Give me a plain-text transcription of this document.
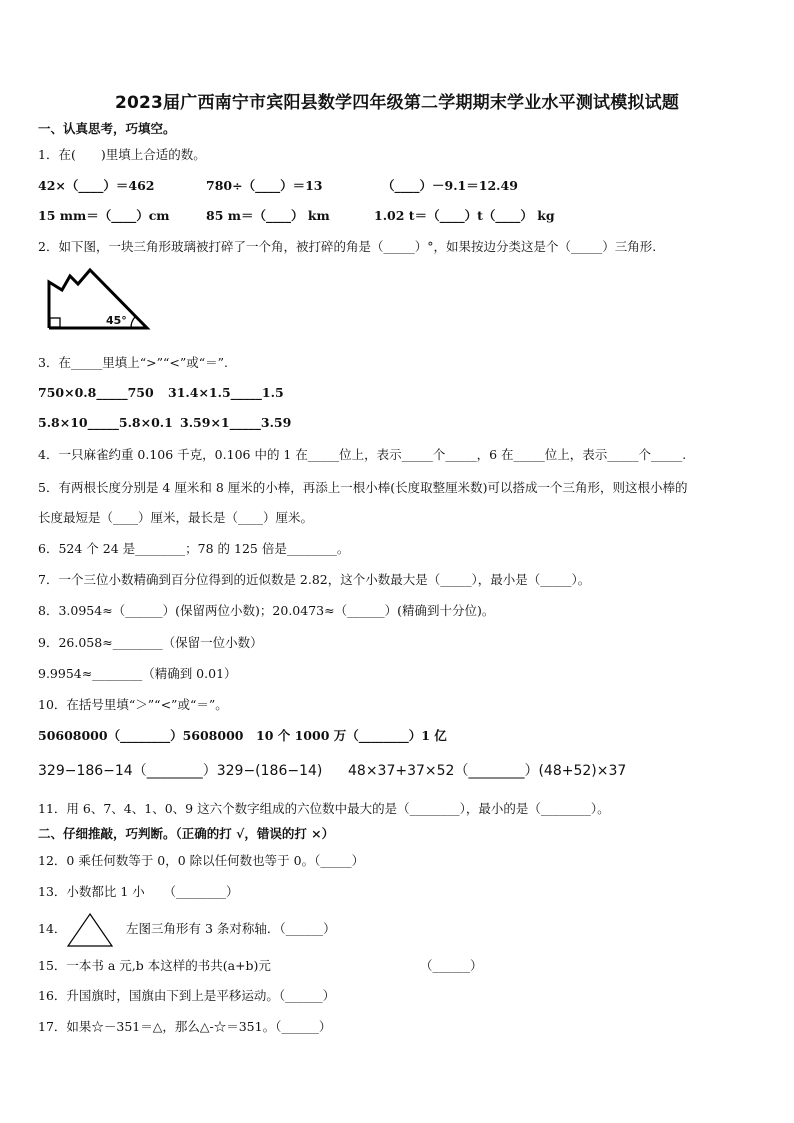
2023届广西南宁市宾阳县数学四年级第二学期期末学业水平测试模拟试题
一、认真思考，巧填空。
1．在(　　)里填上合适的数。
42×（____）＝462	780÷（____）＝13	（____）－9.1＝12.49
15 mm＝（____）cm	85 m＝（____） km	1.02 t＝（____）t（____） kg
2．如下图，一块三角形玻璃被打碎了一个角，被打碎的角是（_____）°，如果按边分类这是个（_____）三角形.
45°
3．在_____里填上“>”“<”或“＝”.
750×0.8_____750 31.4×1.5_____1.5
5.8×10_____5.8×0.1 3.59×1_____3.59
4．一只麻雀约重 0.106 千克，0.106 中的 1 在_____位上，表示_____个_____，6 在_____位上，表示_____个_____.
5．有两根长度分别是 4 厘米和 8 厘米的小棒，再添上一根小棒(长度取整厘米数)可以搭成一个三角形，则这根小棒的
长度最短是（____）厘米，最长是（____）厘米。
6．524 个 24 是________；78 的 125 倍是________。
7．一个三位小数精确到百分位得到的近似数是 2.82，这个小数最大是（_____），最小是（_____）。
8．3.0954≈（______）(保留两位小数)；20.0473≈（______）(精确到十分位)。
9．26.058≈________（保留一位小数）
9.9954≈________（精确到 0.01）
10．在括号里填“＞”“<”或“＝”。
50608000（________）5608000 10 个 1000 万（________）1 亿
329−186−14（________）329−(186−14) 48×37+37×52（________）(48+52)×37
11．用 6、7、4、1、0、9 这六个数字组成的六位数中最大的是（________），最小的是（________）。
二、仔细推敲，巧判断。（正确的打 √，错误的打 ×）
12．0 乘任何数等于 0，0 除以任何数也等于 0。（_____）
13．小数都比 1 小　　（________）
14．	左图三角形有 3 条对称轴．（______）
15．一本书 a 元,b 本这样的书共(a+b)元	（______）
16．升国旗时，国旗由下到上是平移运动。（______）
17．如果☆－351＝△，那么△-☆＝351。（______）
